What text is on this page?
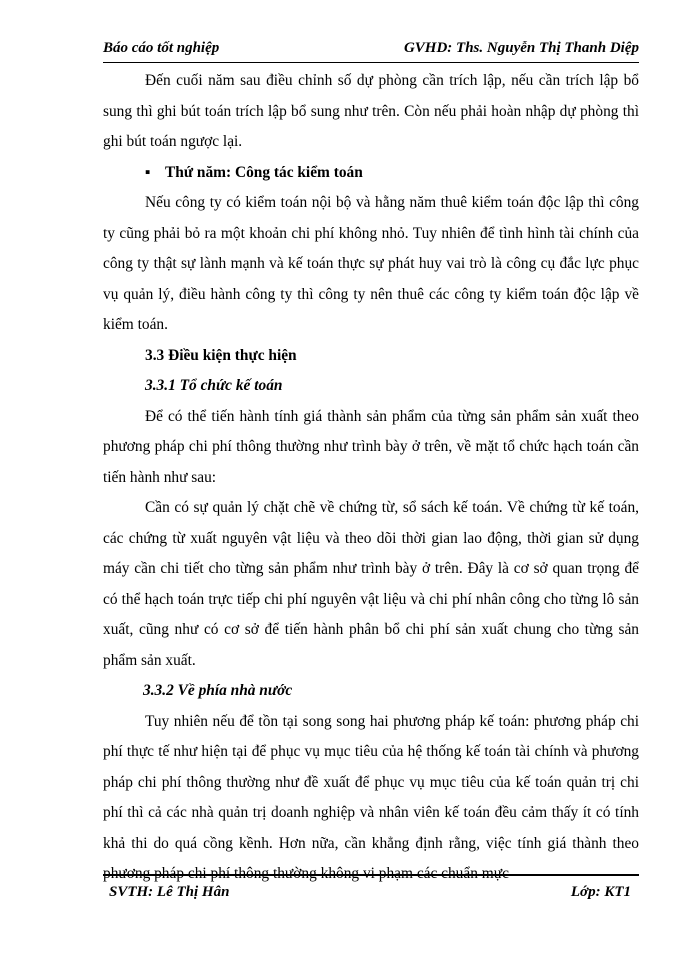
Báo cáo tốt nghiệp	GVHD: Ths. Nguyễn Thị Thanh Diệp

Đến cuối năm sau điều chỉnh số dự phòng cần trích lập, nếu cần trích lập bổ sung thì ghi bút toán trích lập bổ sung như trên. Còn nếu phải hoàn nhập dự phòng thì ghi bút toán ngược lại.

▪ Thứ năm: Công tác kiểm toán

Nếu công ty có kiểm toán nội bộ và hằng năm thuê kiểm toán độc lập thì công ty cũng phải bỏ ra một khoản chi phí không nhỏ. Tuy nhiên để tình hình tài chính của công ty thật sự lành mạnh và kế toán thực sự phát huy vai trò là công cụ đắc lực phục vụ quản lý, điều hành công ty thì công ty nên thuê các công ty kiểm toán độc lập về kiểm toán.

3.3 Điều kiện thực hiện

3.3.1 Tổ chức kế toán

Để có thể tiến hành tính giá thành sản phẩm của từng sản phẩm sản xuất theo phương pháp chi phí thông thường như trình bày ở trên, về mặt tổ chức hạch toán cần tiến hành như sau:

Cần có sự quản lý chặt chẽ về chứng từ, sổ sách kế toán. Về chứng từ kế toán, các chứng từ xuất nguyên vật liệu và theo dõi thời gian lao động, thời gian sử dụng máy cần chi tiết cho từng sản phẩm như trình bày ở trên. Đây là cơ sở quan trọng để có thể hạch toán trực tiếp chi phí nguyên vật liệu và chi phí nhân công cho từng lô sản xuất, cũng như có cơ sở để tiến hành phân bổ chi phí sản xuất chung cho từng sản phẩm sản xuất.

3.3.2 Về phía nhà nước

Tuy nhiên nếu để tồn tại song song hai phương pháp kế toán: phương pháp chi phí thực tế như hiện tại để phục vụ mục tiêu của hệ thống kế toán tài chính và phương pháp chi phí thông thường như đề xuất để phục vụ mục tiêu của kế toán quản trị chi phí thì cả các nhà quản trị doanh nghiệp và nhân viên kế toán đều cảm thấy ít có tính khả thi do quá cồng kềnh. Hơn nữa, cần khẳng định rằng, việc tính giá thành theo phương pháp chi phí thông thường không vi phạm các chuẩn mực

SVTH: Lê Thị Hân	Lớp: KT1
